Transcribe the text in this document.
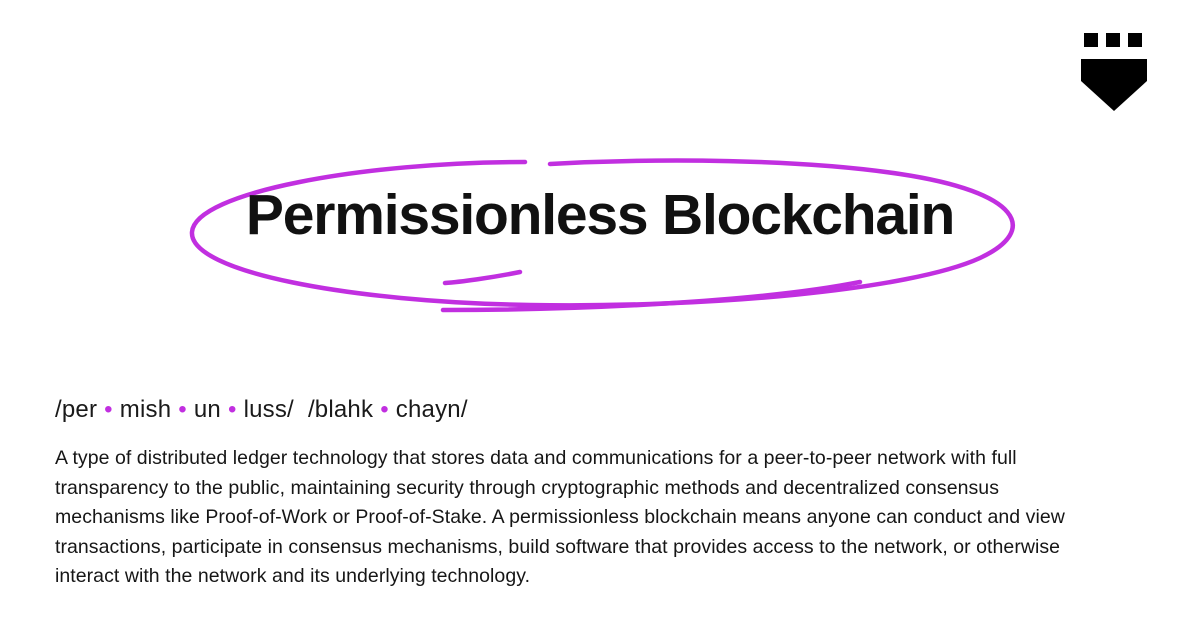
Permissionless Blockchain
/per • mish • un • luss/ /blahk • chayn/
A type of distributed ledger technology that stores data and communications for a peer-to-peer network with full transparency to the public, maintaining security through cryptographic methods and decentralized consensus mechanisms like Proof-of-Work or Proof-of-Stake. A permissionless blockchain means anyone can conduct and view transactions, participate in consensus mechanisms, build software that provides access to the network, or otherwise interact with the network and its underlying technology.
